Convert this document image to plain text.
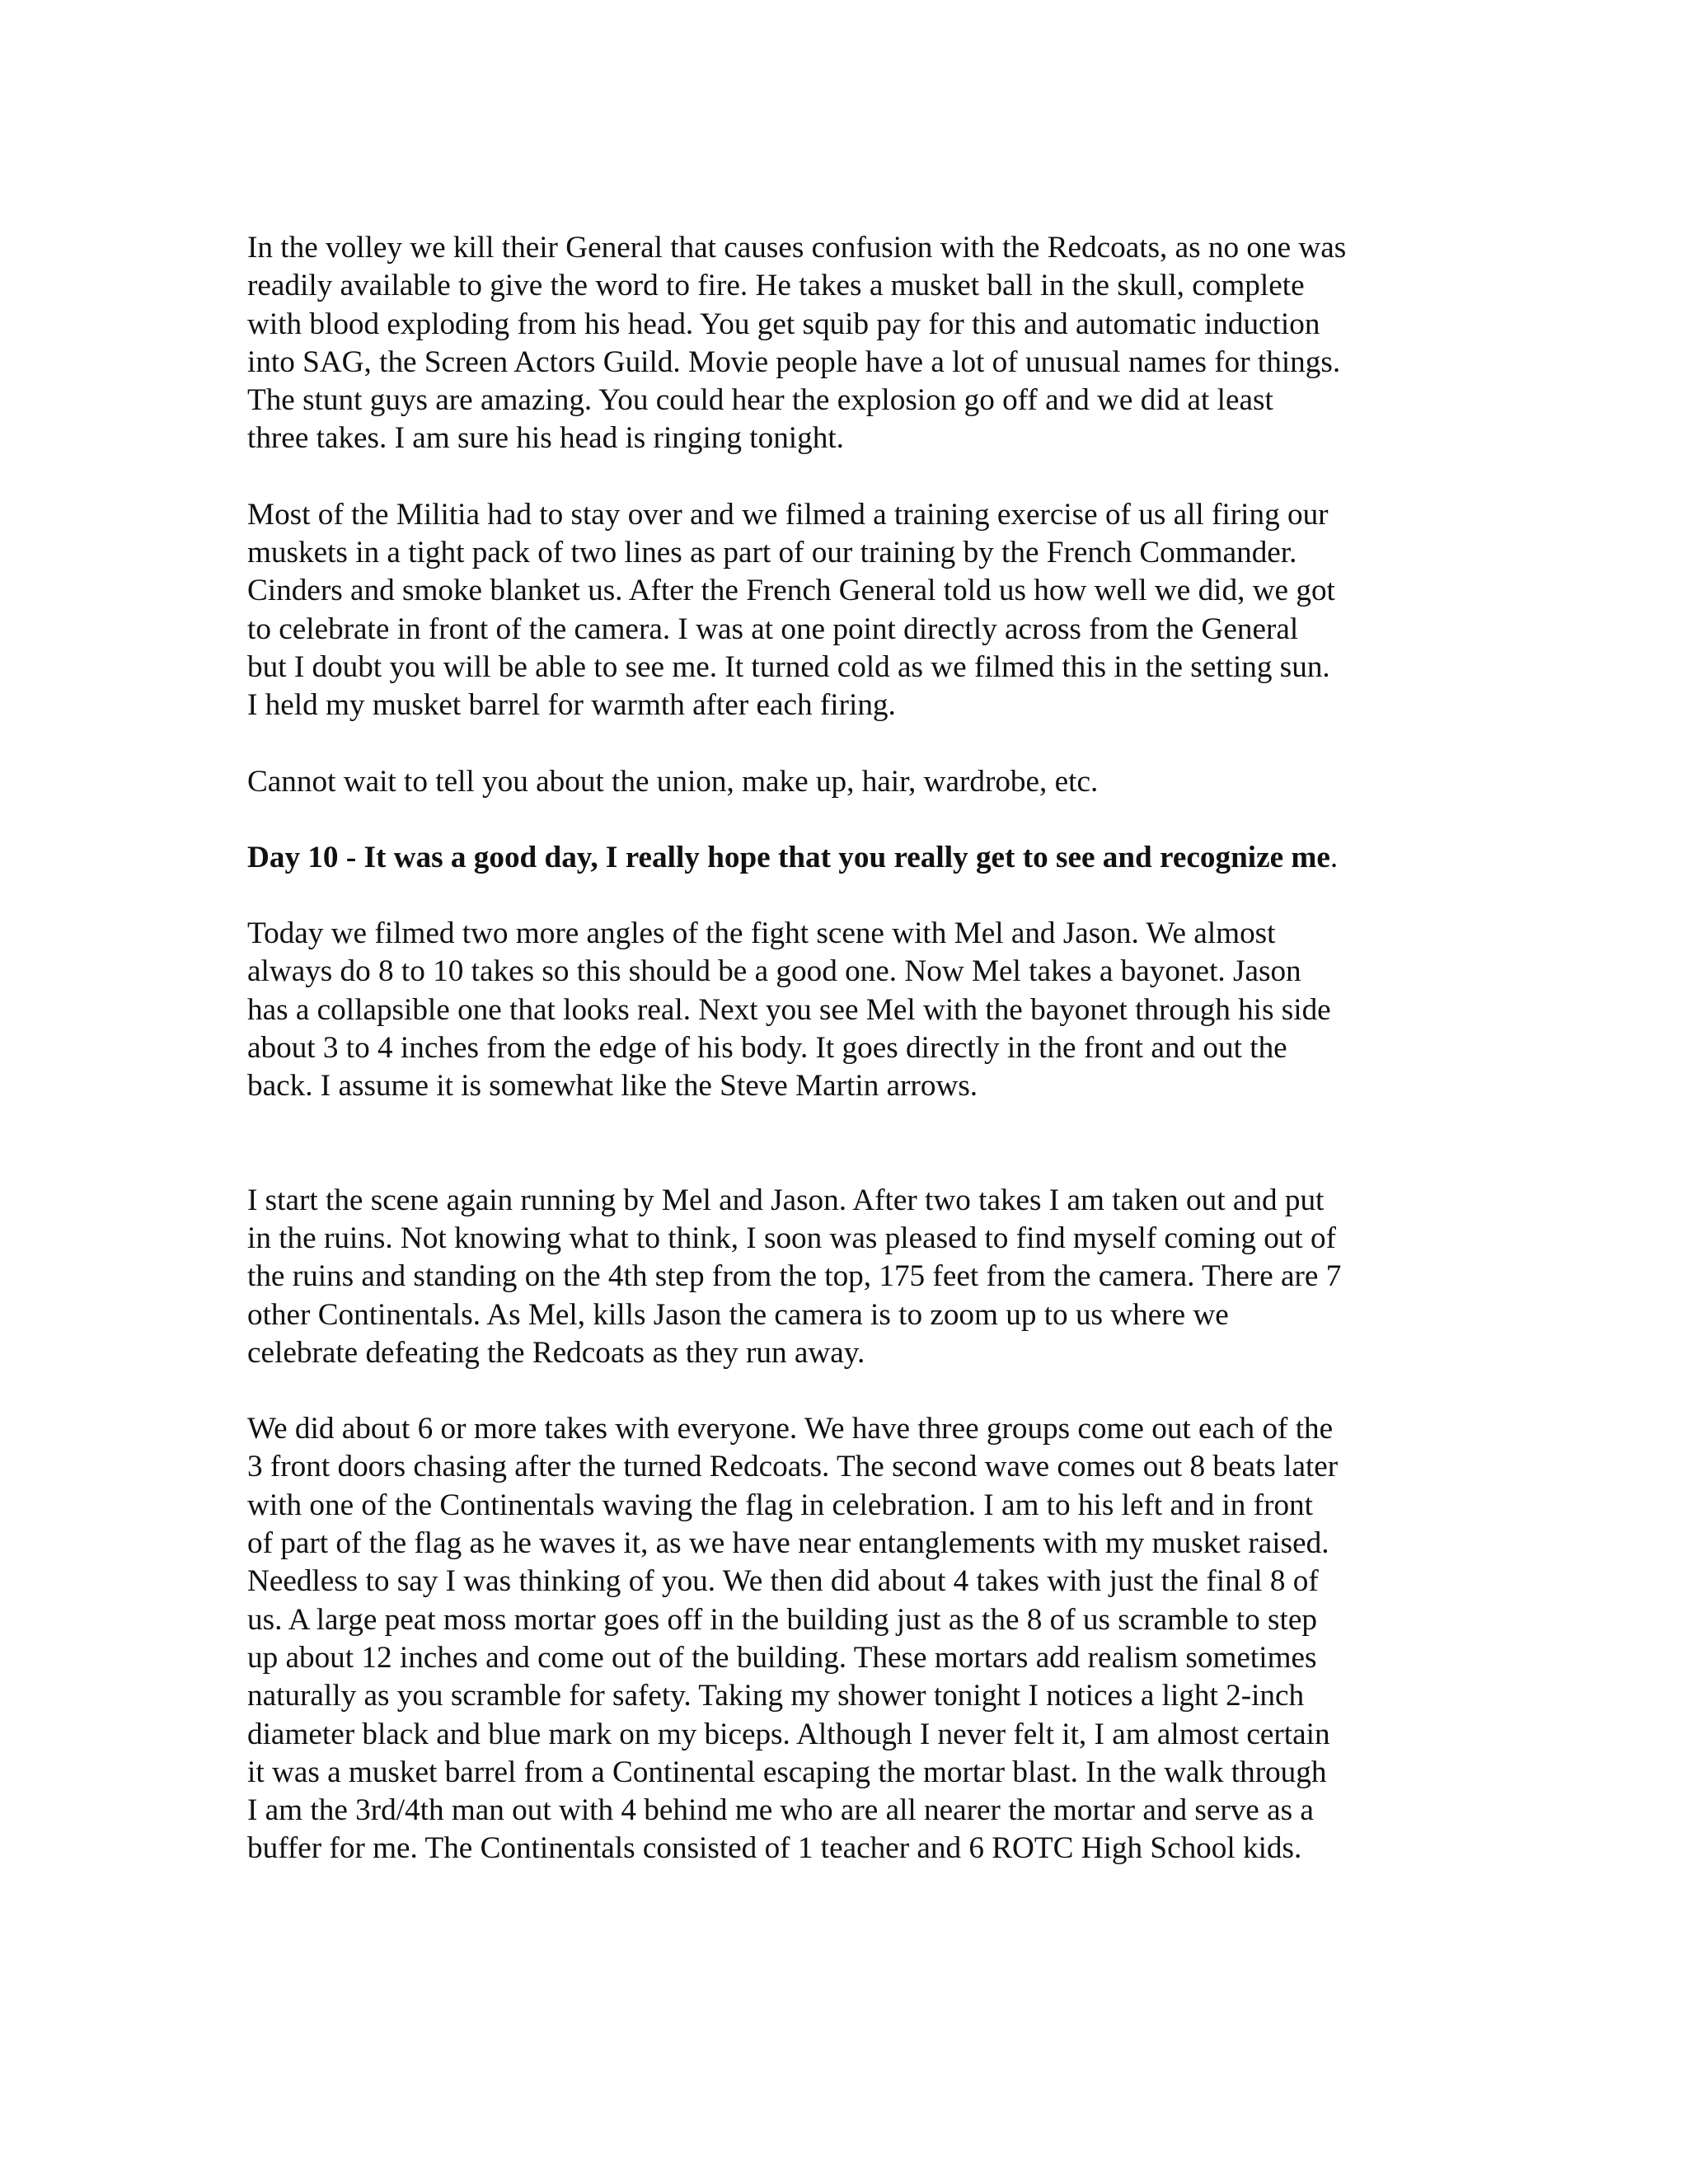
In the volley we kill their General that causes confusion with the Redcoats, as no one was
readily available to give the word to fire. He takes a musket ball in the skull, complete
with blood exploding from his head. You get squib pay for this and automatic induction
into SAG, the Screen Actors Guild. Movie people have a lot of unusual names for things.
The stunt guys are amazing. You could hear the explosion go off and we did at least
three takes. I am sure his head is ringing tonight.

Most of the Militia had to stay over and we filmed a training exercise of us all firing our
muskets in a tight pack of two lines as part of our training by the French Commander.
Cinders and smoke blanket us. After the French General told us how well we did, we got
to celebrate in front of the camera. I was at one point directly across from the General
but I doubt you will be able to see me. It turned cold as we filmed this in the setting sun.
I held my musket barrel for warmth after each firing.

Cannot wait to tell you about the union, make up, hair, wardrobe, etc.

Day 10 - It was a good day, I really hope that you really get to see and recognize me.

Today we filmed two more angles of the fight scene with Mel and Jason. We almost
always do 8 to 10 takes so this should be a good one. Now Mel takes a bayonet. Jason
has a collapsible one that looks real. Next you see Mel with the bayonet through his side
about 3 to 4 inches from the edge of his body. It goes directly in the front and out the
back. I assume it is somewhat like the Steve Martin arrows.

I start the scene again running by Mel and Jason. After two takes I am taken out and put
in the ruins. Not knowing what to think, I soon was pleased to find myself coming out of
the ruins and standing on the 4th step from the top, 175 feet from the camera. There are 7
other Continentals. As Mel, kills Jason the camera is to zoom up to us where we
celebrate defeating the Redcoats as they run away.

We did about 6 or more takes with everyone. We have three groups come out each of the
3 front doors chasing after the turned Redcoats. The second wave comes out 8 beats later
with one of the Continentals waving the flag in celebration. I am to his left and in front
of part of the flag as he waves it, as we have near entanglements with my musket raised.
Needless to say I was thinking of you. We then did about 4 takes with just the final 8 of
us. A large peat moss mortar goes off in the building just as the 8 of us scramble to step
up about 12 inches and come out of the building. These mortars add realism sometimes
naturally as you scramble for safety. Taking my shower tonight I notices a light 2-inch
diameter black and blue mark on my biceps. Although I never felt it, I am almost certain
it was a musket barrel from a Continental escaping the mortar blast. In the walk through
I am the 3rd/4th man out with 4 behind me who are all nearer the mortar and serve as a
buffer for me. The Continentals consisted of 1 teacher and 6 ROTC High School kids.
